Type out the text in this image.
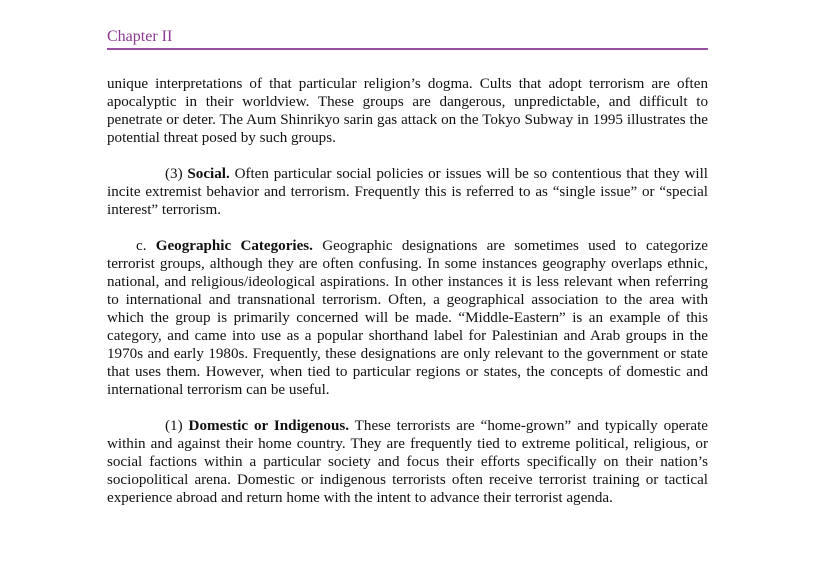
Chapter II

unique interpretations of that particular religion’s dogma. Cults that adopt terrorism are often apocalyptic in their worldview. These groups are dangerous, unpredictable, and difficult to penetrate or deter. The Aum Shinrikyo sarin gas attack on the Tokyo Subway in 1995 illustrates the potential threat posed by such groups.

(3) Social. Often particular social policies or issues will be so contentious that they will incite extremist behavior and terrorism. Frequently this is referred to as “single issue” or “special interest” terrorism.

c. Geographic Categories. Geographic designations are sometimes used to categorize terrorist groups, although they are often confusing. In some instances geography overlaps ethnic, national, and religious/ideological aspirations. In other instances it is less relevant when referring to international and transnational terrorism. Often, a geographical association to the area with which the group is primarily concerned will be made. “Middle-Eastern” is an example of this category, and came into use as a popular shorthand label for Palestinian and Arab groups in the 1970s and early 1980s. Frequently, these designations are only relevant to the government or state that uses them. However, when tied to particular regions or states, the concepts of domestic and international terrorism can be useful.

(1) Domestic or Indigenous. These terrorists are “home-grown” and typically operate within and against their home country. They are frequently tied to extreme political, religious, or social factions within a particular society and focus their efforts specifically on their nation’s sociopolitical arena. Domestic or indigenous terrorists often receive terrorist training or tactical experience abroad and return home with the intent to advance their terrorist agenda.
